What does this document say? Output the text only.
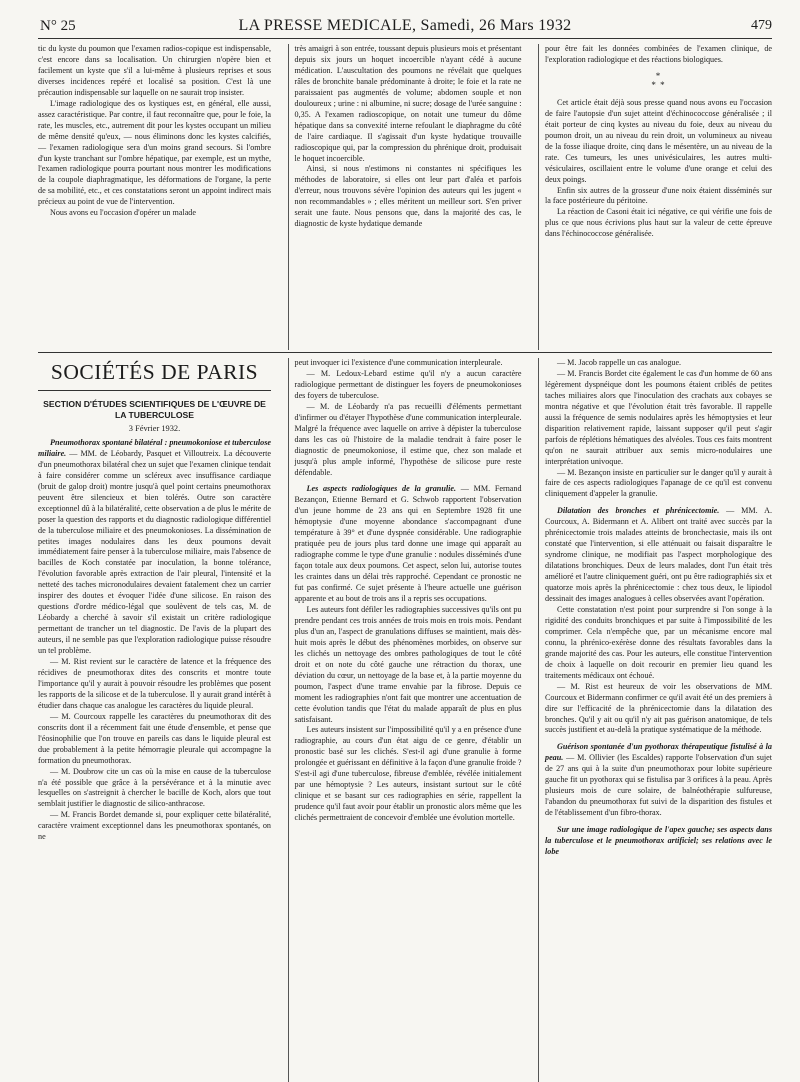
N° 25	LA PRESSE MEDICALE, Samedi, 26 Mars 1932	479

tic du kyste du poumon que l'examen radios-copique est indispensable, c'est encore dans sa localisation. Un chirurgien n'opère bien et facilement un kyste que s'il a lui-même à plusieurs reprises et sous diverses incidences repéré et localisé sa position. C'est là une précaution indispensable sur laquelle on ne saurait trop insister.

L'image radiologique des os kystiques est, en général, elle aussi, assez caractéristique. Par contre, il faut reconnaître que, pour le foie, la rate, les muscles, etc., autrement dit pour les kystes occupant un milieu de même densité qu'eux, — nous éliminons donc les kystes calcifiés, — l'examen radiologique sera d'un moins grand secours. Si l'ombre d'un kyste tranchant sur l'ombre hépatique, par exemple, est un mythe, l'examen radiologique pourra pourtant nous montrer les modifications de la coupole diaphragmatique, les déformations de l'organe, la perte de sa mobilité, etc., et ces constatations seront un appoint indirect mais précieux au point de vue de l'intervention.

Nous avons eu l'occasion d'opérer un malade

très amaigri à son entrée, toussant depuis plusieurs mois et présentant depuis six jours un hoquet incoercible n'ayant cédé à aucune médication. L'auscultation des poumons ne révélait que quelques râles de bronchite banale prédominante à droite; le foie et la rate ne paraissaient pas augmentés de volume; abdomen souple et non douloureux ; urine : ni albumine, ni sucre; dosage de l'urée sanguine : 0,35. A l'examen radioscopique, on notait une tumeur du dôme hépatique dans sa convexité interne refoulant le diaphragme du côté de l'aire cardiaque. Il s'agissait d'un kyste hydatique trouvaille radioscopique qui, par la compression du phrénique droit, produisait le hoquet incoercible.

Ainsi, si nous n'estimons ni constantes ni spécifiques les méthodes de laboratoire, si elles ont leur part d'aléa et parfois d'erreur, nous trouvons sévère l'opinion des auteurs qui les jugent « non recommandables » ; elles méritent un meilleur sort. S'en priver serait une faute. Nous pensons que, dans la majorité des cas, le diagnostic de kyste hydatique demande

pour être fait les données combinées de l'examen clinique, de l'exploration radiologique et des réactions biologiques.

*
* *

Cet article était déjà sous presse quand nous avons eu l'occasion de faire l'autopsie d'un sujet atteint d'échinococcose généralisée ; il était porteur de cinq kystes au niveau du foie, deux au niveau du poumon droit, un au niveau du rein droit, un volumineux au niveau de la fosse iliaque droite, cinq dans le mésentère, un au niveau de la rate. Ces tumeurs, les unes univésiculaires, les autres multi-vésiculaires, oscillaient entre le volume d'une orange et celui des deux poings.

Enfin six autres de la grosseur d'une noix étaient disséminés sur la face postérieure du péritoine.

La réaction de Casoni était ici négative, ce qui vérifie une fois de plus ce que nous écrivions plus haut sur la valeur de cette épreuve dans l'échinococcose généralisée.

SOCIÉTÉS DE PARIS
SECTION D'ÉTUDES SCIENTIFIQUES DE L'ŒUVRE DE LA TUBERCULOSE
3 Février 1932.

Pneumothorax spontané bilatéral : pneumokoniose et tuberculose miliaire. — MM. de Léobardy, Pasquet et Villoutreix. La découverte d'un pneumothorax bilatéral chez un sujet que l'examen clinique tendait à faire considérer comme un scléreux avec insuffisance cardiaque (bruit de galop droit) montre jusqu'à quel point certains pneumothorax peuvent être silencieux et bien tolérés. Outre son caractère exceptionnel dû à la bilatéralité, cette observation a de plus le mérite de poser la question des rapports et du diagnostic radiologique différentiel de la tuberculose miliaire et des pneumokonioses. La dissémination de petites images nodulaires dans les deux poumons devait immédiatement faire penser à la tuberculose miliaire, mais l'absence de bacilles de Koch constatée par inoculation, la bonne tolérance, l'évolution favorable après extraction de l'air pleural, l'intensité et la netteté des taches micronodulaires devaient fatalement chez un carrier inspirer des doutes et évoquer l'idée d'une silicose. En raison des questions d'ordre médico-légal que soulèvent de tels cas, M. de Léobardy a cherché à savoir s'il existait un critère radiologique permettant de trancher un tel diagnostic. De l'avis de la plupart des auteurs, il ne semble pas que l'exploration radiologique puisse résoudre un tel problème.

— M. Rist revient sur le caractère de latence et la fréquence des récidives de pneumothorax dites des conscrits et montre toute l'importance qu'il y aurait à pouvoir résoudre les problèmes que posent les rapports de la silicose et de la tuberculose. Il y aurait grand intérêt à étudier dans chaque cas analogue les caractères du liquide pleural.

— M. Courcoux rappelle les caractères du pneumothorax dit des conscrits dont il a récemment fait une étude d'ensemble, et pense que l'éosinophilie que l'on trouve en pareils cas dans le liquide pleural est due probablement à la petite hémorragie pleurale qui accompagne la formation du pneumothorax.

— M. Doubrow cite un cas où la mise en cause de la tuberculose n'a été possible que grâce à la persévérance et à la minutie avec lesquelles on s'astreignit à chercher le bacille de Koch, alors que tout semblait justifier le diagnostic de silico-anthracose.

— M. Francis Bordet demande si, pour expliquer cette bilatéralité, caractère vraiment exceptionnel dans les pneumothorax spontanés, on ne

peut invoquer ici l'existence d'une communication interpleurale.

— M. Ledoux-Lebard estime qu'il n'y a aucun caractère radiologique permettant de distinguer les foyers de pneumokonioses des foyers de tuberculose.

— M. de Léobardy n'a pas recueilli d'éléments permettant d'infirmer ou d'étayer l'hypothèse d'une communication interpleurale. Malgré la fréquence avec laquelle on arrive à dépister la tuberculose dans les cas où l'histoire de la maladie tendrait à faire poser le diagnostic de pneumokoniose, il estime que, chez son malade et jusqu'à plus ample informé, l'hypothèse de silicose pure reste défendable.

Les aspects radiologiques de la granulie. — MM. Fernand Bezançon, Etienne Bernard et G. Schwob rapportent l'observation d'un jeune homme de 23 ans qui en Septembre 1928 fit une hémoptysie d'une moyenne abondance s'accompagnant d'une température à 39° et d'une dyspnée considérable. Une radiographie pratiquée peu de jours plus tard donne une image qui apparaît au radiographe comme le type d'une granulie : nodules disséminés d'une façon totale aux deux poumons. Cet aspect, selon lui, autorise toutes les craintes dans un délai très rapproché. Cependant ce pronostic ne fut pas confirmé. Ce sujet présente à l'heure actuelle une guérison apparente et au bout de trois ans il a repris ses occupations.

Les auteurs font défiler les radiographies successives qu'ils ont pu prendre pendant ces trois années de trois mois en trois mois. Pendant plus d'un an, l'aspect de granulations diffuses se maintient, mais dès-huit mois après le début des phénomènes morbides, on observe sur les clichés un nettoyage des ombres pathologiques de tout le côté droit et on note du côté gauche une rétraction du thorax, une déviation du cœur, un nettoyage de la base et, à la partie moyenne du poumon, l'aspect d'une trame envahie par la fibrose. Depuis ce moment les radiographies n'ont fait que montrer une accentuation de cette évolution tandis que l'état du malade apparaît de plus en plus satisfaisant.

Les auteurs insistent sur l'impossibilité qu'il y a en présence d'une radiographie, au cours d'un état aigu de ce genre, d'établir un pronostic basé sur les clichés. S'est-il agi d'une granulie à forme prolongée et guérissant en définitive à la façon d'une granulie froide ? S'est-il agi d'une tuberculose, fibreuse d'emblée, révélée initialement par une hémoptysie ? Les auteurs, insistant surtout sur le côté clinique et se basant sur ces radiographies en série, rappellent la prudence qu'il faut avoir pour établir un pronostic alors même que les clichés permettraient de concevoir d'emblée une évolution mortelle.

— M. Jacob rappelle un cas analogue.

— M. Francis Bordet cite également le cas d'un homme de 60 ans légèrement dyspnéique dont les poumons étaient criblés de petites taches miliaires alors que l'inoculation des crachats aux cobayes se montra négative et que l'évolution était très favorable. Il rappelle aussi la fréquence de semis nodulaires après les hémoptysies et leur disparition relativement rapide, laissant supposer qu'il peut s'agir parfois de réplétions hématiques des alvéoles. Tous ces faits montrent qu'on ne saurait attribuer aux semis micro-nodulaires une interprétation univoque.

— M. Bezançon insiste en particulier sur le danger qu'il y aurait à faire de ces aspects radiologiques l'apanage de ce qu'il est convenu cliniquement d'appeler la granulie.

Dilatation des bronches et phrénicectomie. — MM. A. Courcoux, A. Bidermann et A. Alibert ont traité avec succès par la phrénicectomie trois malades atteints de bronchectasie, mais ils ont constaté que l'intervention, si elle atténuait ou faisait disparaître le syndrome clinique, ne modifiait pas l'aspect morphologique des dilatations bronchiques. Deux de leurs malades, dont l'un était très amélioré et l'autre cliniquement guéri, ont pu être radiographiés six et quatorze mois après la phrénicectomie : chez tous deux, le lipiodol dessinait des images analogues à celles observées avant l'opération.

Cette constatation n'est point pour surprendre si l'on songe à la rigidité des conduits bronchiques et par suite à l'impossibilité de les comprimer. Cela n'empêche que, par un mécanisme encore mal connu, la phrénico-exérèse donne des résultats favorables dans la grande majorité des cas. Pour les auteurs, elle constitue l'intervention de choix à laquelle on doit recourir en premier lieu quand les traitements médicaux ont échoué.

— M. Rist est heureux de voir les observations de MM. Courcoux et Bidermann confirmer ce qu'il avait été un des premiers à dire sur l'efficacité de la phrénicectomie dans la dilatation des bronches. Qu'il y ait ou qu'il n'y ait pas guérison anatomique, de tels succès justifient et au-delà la pratique systématique de la méthode.

Guérison spontanée d'un pyothorax thérapeutique fistulisé à la peau. — M. Ollivier (les Escaldes) rapporte l'observation d'un sujet de 27 ans qui à la suite d'un pneumothorax pour lobite supérieure gauche fit un pyothorax qui se fistulisa par 3 orifices à la peau. Après plusieurs mois de cure solaire, de balnéothérapie sulfureuse, l'abandon du pneumothorax fut suivi de la disparition des fistules et de l'établissement d'un fibro-thorax.

Sur une image radiologique de l'apex gauche; ses aspects dans la tuberculose et le pneumothorax artificiel; ses relations avec le lobe
